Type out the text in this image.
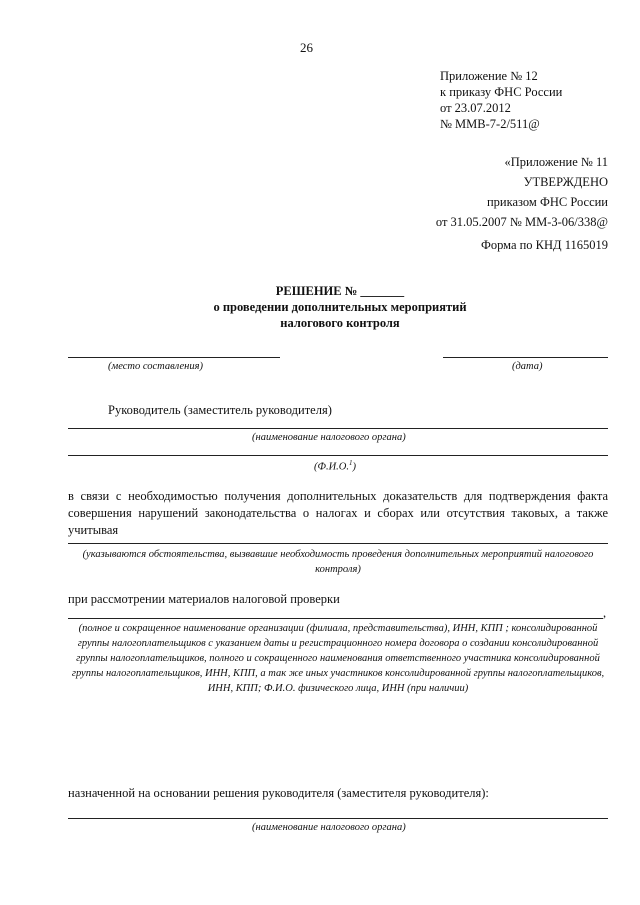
26
Приложение № 12
к приказу ФНС России
от 23.07.2012
№ ММВ-7-2/511@
«Приложение № 11
УТВЕРЖДЕНО
приказом ФНС России
от 31.05.2007 № ММ-3-06/338@
Форма по КНД 1165019
РЕШЕНИЕ № _______
о проведении дополнительных мероприятий
налогового контроля
(место составления)	(дата)
Руководитель (заместитель руководителя)
(наименование налогового органа)
(Ф.И.О.$^1$)
в связи с необходимостью получения дополнительных доказательств для подтверждения факта совершения нарушений законодательства о налогах и сборах или отсутствия таковых, а также учитывая
(указываются обстоятельства, вызвавшие необходимость проведения дополнительных мероприятий налогового контроля)
при рассмотрении материалов налоговой проверки
,
(полное и сокращенное наименование организации (филиала, представительства), ИНН, КПП ; консолидированной группы налогоплательщиков с указанием даты и регистрационного номера договора о создании консолидированной группы налогоплательщиков, полного и сокращенного наименования ответственного участника консолидированной группы налогоплательщиков, ИНН, КПП, а так же иных участников консолидированной группы налогоплательщиков, ИНН, КПП; Ф.И.О. физического лица, ИНН (при наличии)
назначенной на основании решения руководителя (заместителя руководителя):
(наименование налогового органа)
